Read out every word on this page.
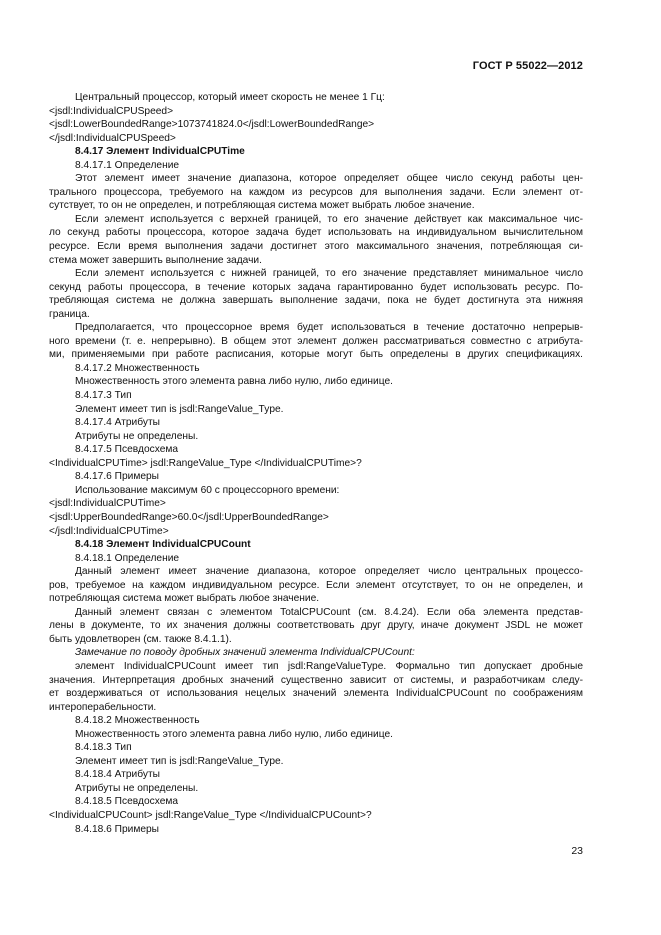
ГОСТ Р 55022—2012
Центральный процессор, который имеет скорость не менее 1 Гц:
<jsdl:IndividualCPUSpeed>
<jsdl:LowerBoundedRange>1073741824.0</jsdl:LowerBoundedRange>
</jsdl:IndividualCPUSpeed>
8.4.17 Элемент IndividualCPUTime
8.4.17.1 Определение
Этот элемент имеет значение диапазона, которое определяет общее число секунд работы цен-
трального процессора, требуемого на каждом из ресурсов для выполнения задачи. Если элемент от-
сутствует, то он не определен, и потребляющая система может выбрать любое значение.
Если элемент используется с верхней границей, то его значение действует как максимальное чис-
ло секунд работы процессора, которое задача будет использовать на индивидуальном вычислительном
ресурсе. Если время выполнения задачи достигнет этого максимального значения, потребляющая си-
стема может завершить выполнение задачи.
Если элемент используется с нижней границей, то его значение представляет минимальное число
секунд работы процессора, в течение которых задача гарантированно будет использовать ресурс. По-
требляющая система не должна завершать выполнение задачи, пока не будет достигнута эта нижняя
граница.
Предполагается, что процессорное время будет использоваться в течение достаточно непрерыв-
ного времени (т. е. непрерывно). В общем этот элемент должен рассматриваться совместно с атрибута-
ми, применяемыми при работе расписания, которые могут быть определены в других спецификациях.
8.4.17.2 Множественность
Множественность этого элемента равна либо нулю, либо единице.
8.4.17.3 Тип
Элемент имеет тип is jsdl:RangeValue_Type.
8.4.17.4 Атрибуты
Атрибуты не определены.
8.4.17.5 Псевдосхема
<IndividualCPUTime> jsdl:RangeValue_Type </IndividualCPUTime>?
8.4.17.6 Примеры
Использование максимум 60 с процессорного времени:
<jsdl:IndividualCPUTime>
<jsdl:UpperBoundedRange>60.0</jsdl:UpperBoundedRange>
</jsdl:IndividualCPUTime>
8.4.18 Элемент IndividualCPUCount
8.4.18.1 Определение
Данный элемент имеет значение диапазона, которое определяет число центральных процессо-
ров, требуемое на каждом индивидуальном ресурсе. Если элемент отсутствует, то он не определен, и
потребляющая система может выбрать любое значение.
Данный элемент связан с элементом TotalCPUCount (см. 8.4.24). Если оба элемента представ-
лены в документе, то их значения должны соответствовать друг другу, иначе документ JSDL не может
быть удовлетворен (см. также 8.4.1.1).
Замечание по поводу дробных значений элемента IndividualCPUCount:
элемент IndividualCPUCount имеет тип jsdl:RangeValueType. Формально тип допускает дробные
значения. Интерпретация дробных значений существенно зависит от системы, и разработчикам следу-
ет воздерживаться от использования нецелых значений элемента IndividualCPUCount по соображениям
интероперабельности.
8.4.18.2 Множественность
Множественность этого элемента равна либо нулю, либо единице.
8.4.18.3 Тип
Элемент имеет тип is jsdl:RangeValue_Type.
8.4.18.4 Атрибуты
Атрибуты не определены.
8.4.18.5 Псевдосхема
<IndividualCPUCount> jsdl:RangeValue_Type </IndividualCPUCount>?
8.4.18.6 Примеры
23
